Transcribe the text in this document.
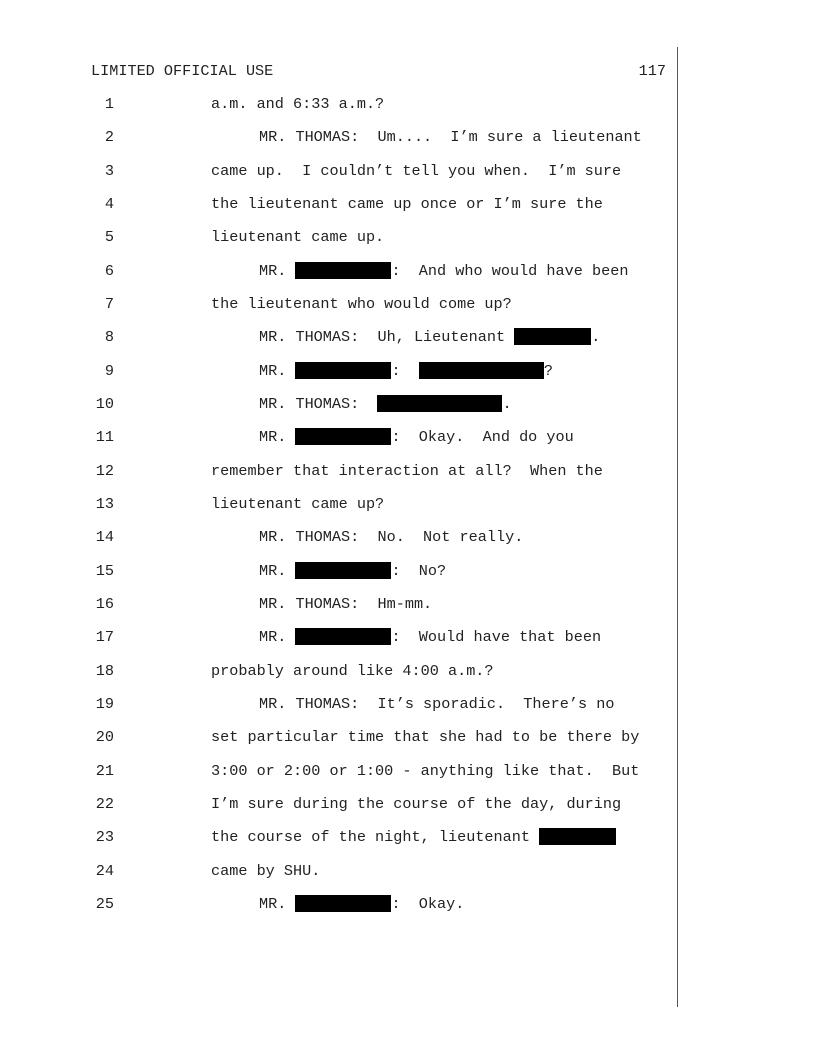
LIMITED OFFICIAL USE	117
1	a.m. and 6:33 a.m.?
2	MR. THOMAS:  Um....  I’m sure a lieutenant
3	came up.  I couldn’t tell you when.  I’m sure
4	the lieutenant came up once or I’m sure the
5	lieutenant came up.
6	MR.	:  And who would have been
7	the lieutenant who would come up?
8	MR. THOMAS:  Uh, Lieutenant	.
9	MR.	:	?
10	MR. THOMAS:	.
11	MR.	:  Okay.  And do you
12	remember that interaction at all?  When the
13	lieutenant came up?
14	MR. THOMAS:  No.  Not really.
15	MR.	:  No?
16	MR. THOMAS:  Hm-mm.
17	MR.	:  Would have that been
18	probably around like 4:00 a.m.?
19	MR. THOMAS:  It’s sporadic.  There’s no
20	set particular time that she had to be there by
21	3:00 or 2:00 or 1:00 - anything like that.  But
22	I’m sure during the course of the day, during
23	the course of the night, lieutenant
24	came by SHU.
25	MR.	:  Okay.
